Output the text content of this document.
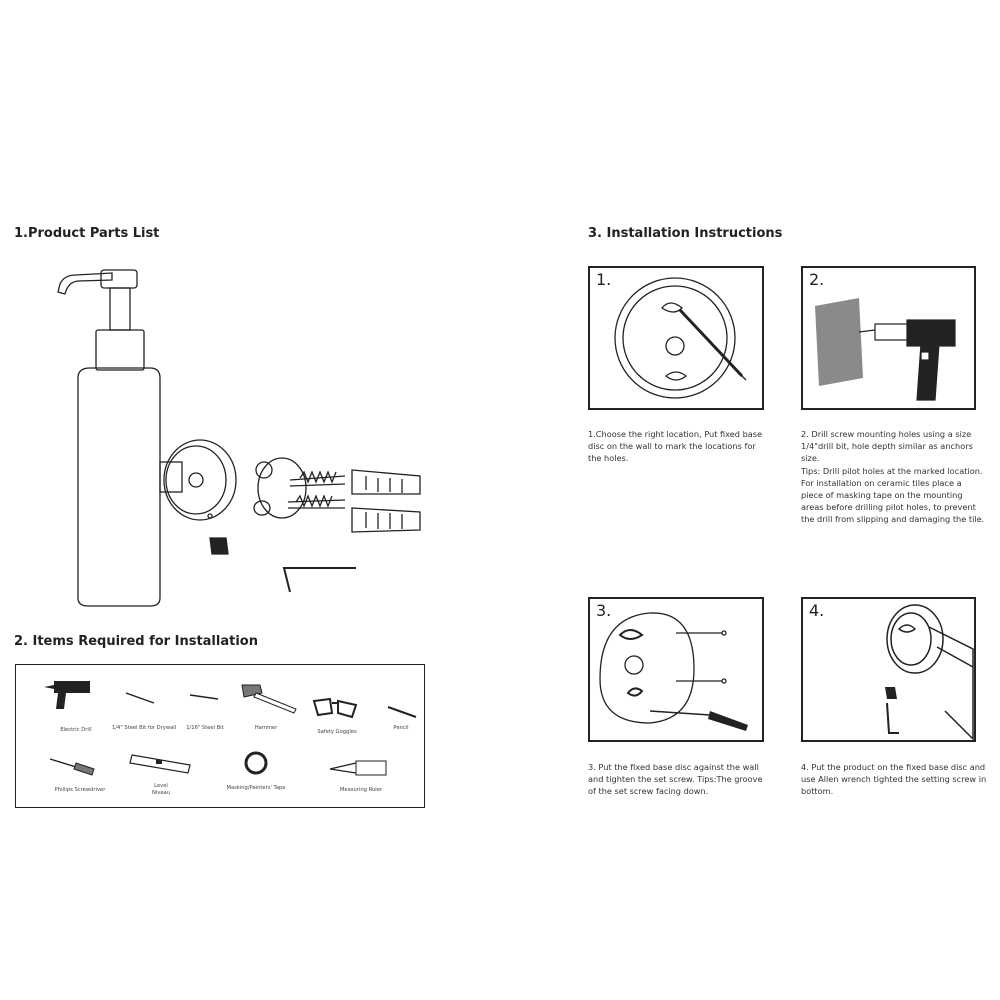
1.Product Parts List
2. Items Required for Installation
Electric Drill	1/4" Steel Bit for Drywall	1/16" Steel Bit	Hammer
Safety Goggles
Pencil
Phillips Screwdriver
Level
Niveau
Masking/Painters' Tape	Measuring Ruler
3. Installation Instructions
1.
1.Choose the right location, Put fixed base
disc on the wall to mark the locations for
the holes.
2.
2. Drill screw mounting holes using a size
1/4"drill bit, hole depth similar as anchors
size.
Tips: Drill pilot holes at the marked location.
For installation on ceramic tiles place a
piece of masking tape on the mounting
areas before drilling pilot holes, to prevent
the drill from slipping and damaging the tile.
3.
3. Put the fixed base disc against the wall
and tighten the set screw. Tips:The groove
of the set screw facing down.
4.
4. Put the product on the fixed base disc and
use Allen wrench tighted the setting screw in
bottom.
